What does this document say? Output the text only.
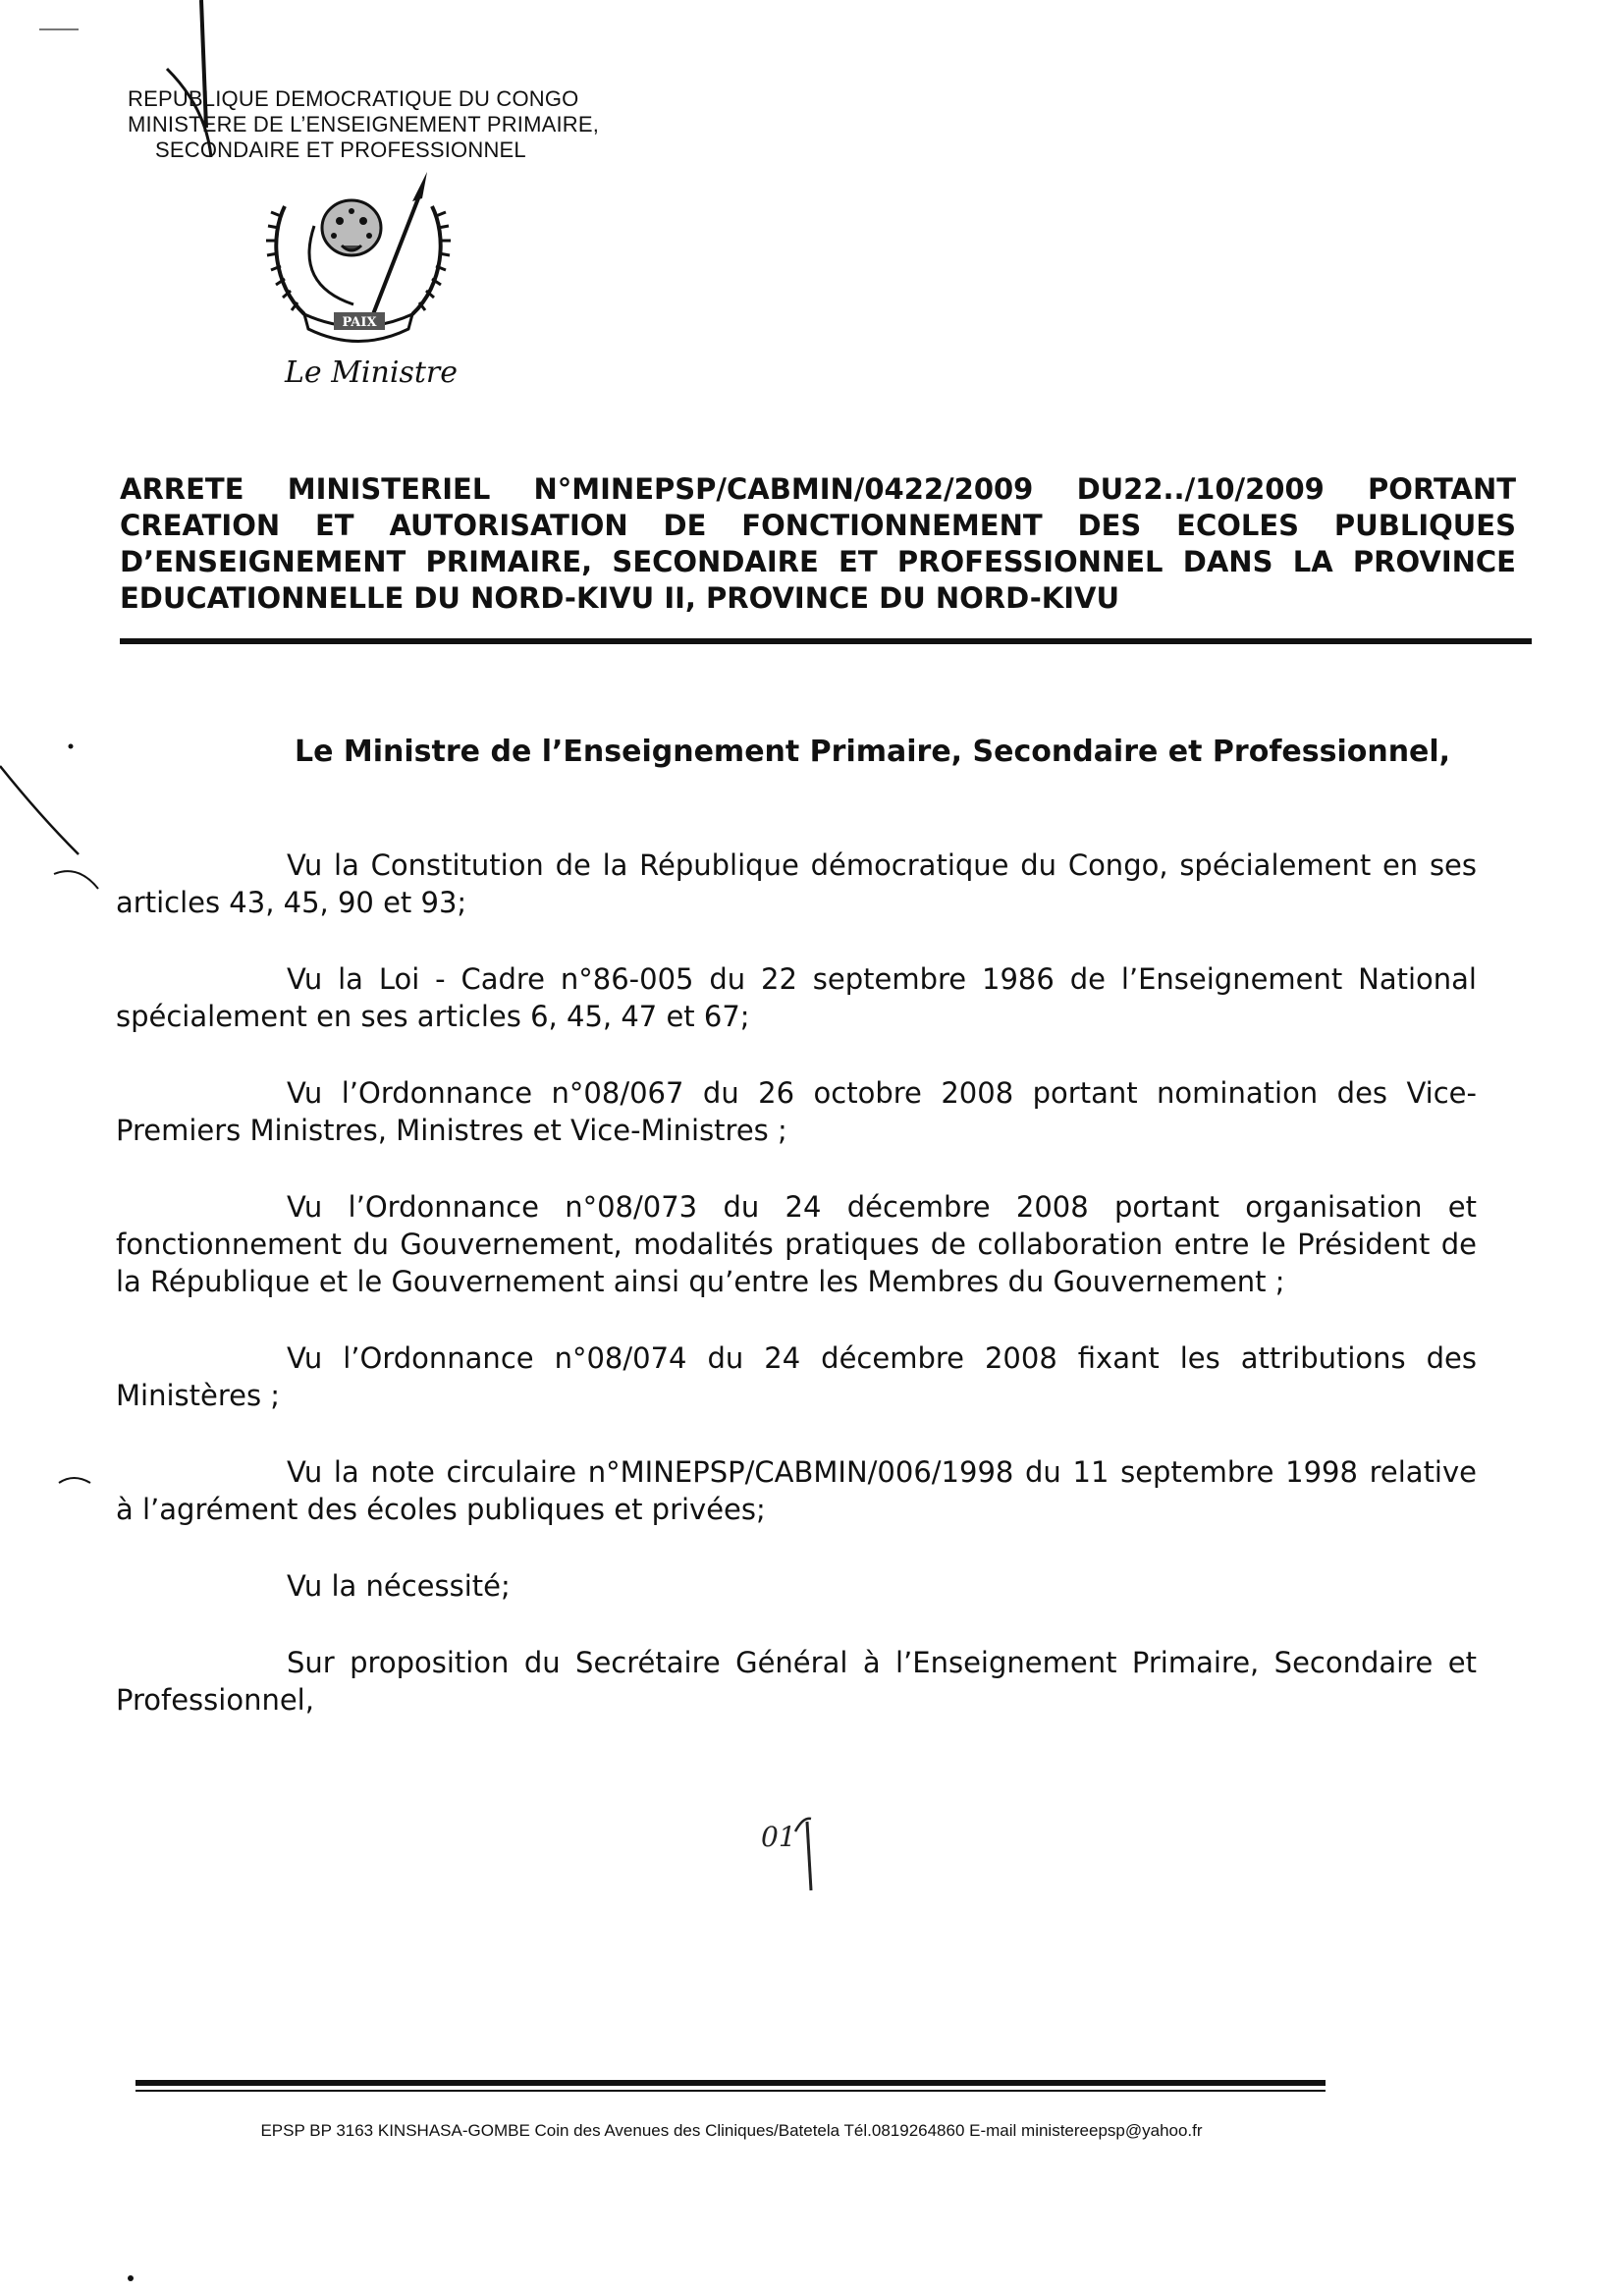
REPUBLIQUE DEMOCRATIQUE DU CONGO
MINISTERE DE L’ENSEIGNEMENT PRIMAIRE,
SECONDAIRE ET PROFESSIONNEL
PAIX
Le Ministre
ARRETE MINISTERIEL N°MINEPSP/CABMIN/0422/2009 DU22../10/2009 PORTANT
CREATION ET AUTORISATION DE FONCTIONNEMENT DES ECOLES PUBLIQUES
D’ENSEIGNEMENT PRIMAIRE, SECONDAIRE ET PROFESSIONNEL DANS LA PROVINCE
EDUCATIONNELLE DU NORD-KIVU II, PROVINCE DU NORD-KIVU
Le Ministre de l’Enseignement Primaire, Secondaire et Professionnel,

Vu la Constitution de la République démocratique du Congo, spécialement en ses articles 43, 45, 90 et 93;

Vu la Loi - Cadre n°86-005 du 22 septembre 1986 de l’Enseignement National spécialement en ses articles 6, 45, 47 et 67;

Vu l’Ordonnance n°08/067 du 26 octobre 2008 portant nomination des Vice-Premiers Ministres, Ministres et Vice-Ministres ;

Vu l’Ordonnance n°08/073 du 24 décembre 2008 portant organisation et fonctionnement du Gouvernement, modalités pratiques de collaboration entre le Président de la République et le Gouvernement ainsi qu’entre les Membres du Gouvernement ;

Vu l’Ordonnance n°08/074 du 24 décembre 2008 fixant les attributions des Ministères ;

Vu la note circulaire n°MINEPSP/CABMIN/006/1998 du 11 septembre 1998 relative à l’agrément des écoles publiques et privées;

Vu la nécessité;

Sur proposition du Secrétaire Général à l’Enseignement Primaire, Secondaire et Professionnel,

01
EPSP BP 3163 KINSHASA-GOMBE Coin des Avenues des Cliniques/Batetela Tél.0819264860 E-mail ministereepsp@yahoo.fr
